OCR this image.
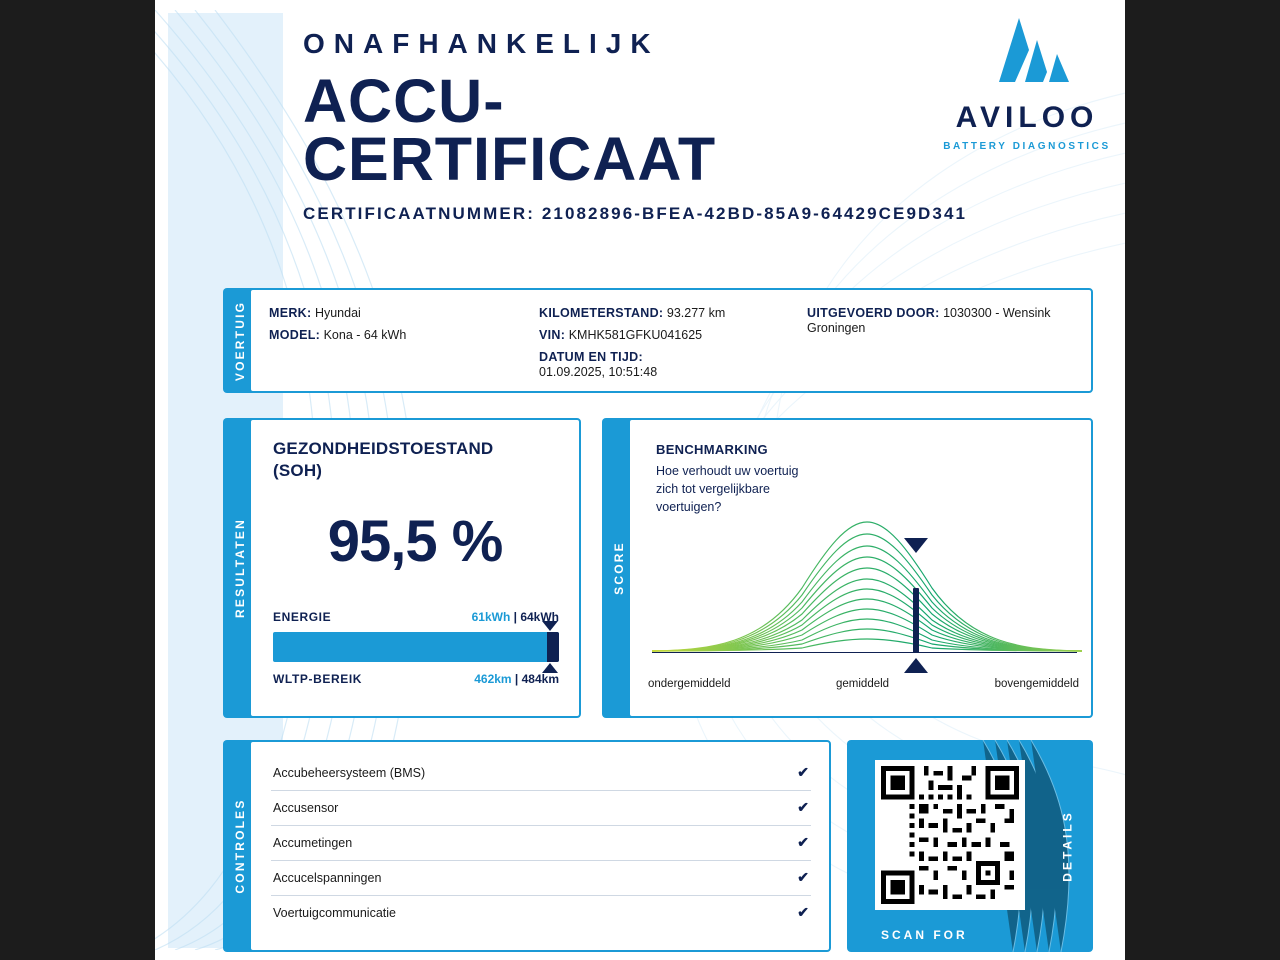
ONAFHANKELIJK
ACCU-
CERTIFICAAT
CERTIFICAATNUMMER: 21082896-BFEA-42BD-85A9-64429CE9D341
AVILOO
BATTERY DIAGNOSTICS
VOERTUIG MERK: Hyundai
MODEL: Kona - 64 kWh
KILOMETERSTAND: 93.277 km
VIN: KMHK581GFKU041625
DATUM EN TIJD:
01.09.2025, 10:51:48
UITGEVOERD DOOR: 1030300 - Wensink Groningen
RESULTATEN
GEZONDHEIDSTOESTAND (SOH)
95,5 %
ENERGIE	61kWh | 64kWh
WLTP-BEREIK	462km | 484km
SCORE
BENCHMARKING
Hoe verhoudt uw voertuig zich tot vergelijkbare voertuigen?
ondergemiddeld	gemiddeld	bovengemiddeld
CONTROLES
Accubeheersysteem (BMS)	✔
Accusensor	✔
Accumetingen	✔
Accucelspanningen	✔
Voertuigcommunicatie	✔
SCAN FOR
DETAILS
